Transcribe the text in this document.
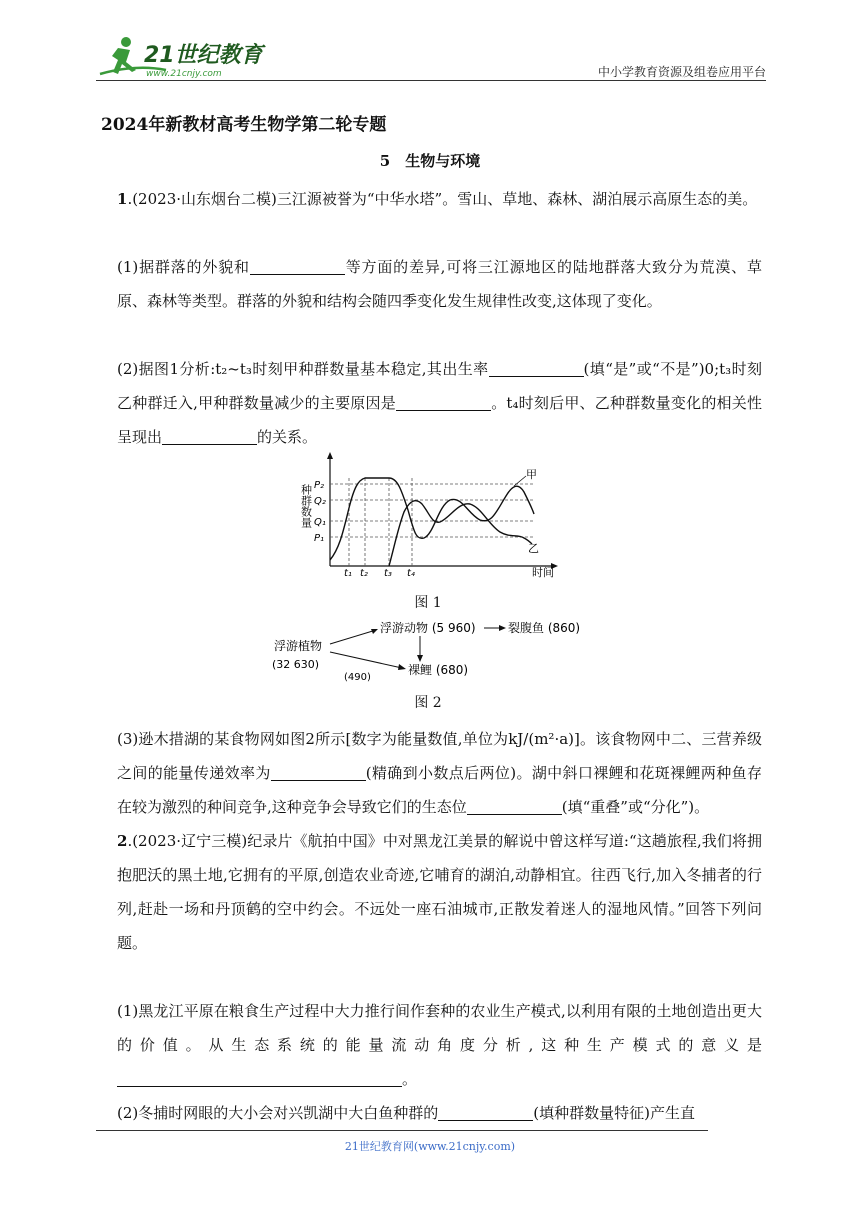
21世纪教育
www.21cnjy.com	中小学教育资源及组卷应用平台
2024年新教材高考生物学第二轮专题
5　生物与环境
1.(2023·山东烟台二模)三江源被誉为“中华水塔”。雪山、草地、森林、湖泊展示高原生态的美。
(1)据群落的外貌和	等方面的差异,可将三江源地区的陆地群落大致分为荒漠、草原、森林等类型。群落的外貌和结构会随四季变化发生规律性改变,这体现了变化。
(2)据图1分析:t₂~t₃时刻甲种群数量基本稳定,其出生率	(填“是”或“不是”)0;t₃时刻乙种群迁入,甲种群数量减少的主要原因是	。t₄时刻后甲、乙种群数量变化的相关性呈现出	的关系。
种群数量 P₂
Q₂
Q₁
P₁
t₁ t₂ t₃ t₄	时间
甲
乙
图 1
浮游植物
(32 630)
浮游动物 (5 960)	裂腹鱼 (860)
裸鲤 (680)
(490)
图 2
(3)逊木措湖的某食物网如图2所示[数字为能量数值,单位为kJ/(m²·a)]。该食物网中二、三营养级之间的能量传递效率为	(精确到小数点后两位)。湖中斜口裸鲤和花斑裸鲤两种鱼存在较为激烈的种间竞争,这种竞争会导致它们的生态位	(填“重叠”或“分化”)。
2.(2023·辽宁三模)纪录片《航拍中国》中对黑龙江美景的解说中曾这样写道:“这趟旅程,我们将拥抱肥沃的黑土地,它拥有的平原,创造农业奇迹,它哺育的湖泊,动静相宜。往西飞行,加入冬捕者的行列,赶赴一场和丹顶鹤的空中约会。不远处一座石油城市,正散发着迷人的湿地风情。”回答下列问题。
(1)黑龙江平原在粮食生产过程中大力推行间作套种的农业生产模式,以利用有限的土地创造出更大的价值。从生态系统的能量流动角度分析,这种生产模式的意义是。
(2)冬捕时网眼的大小会对兴凯湖中大白鱼种群的	(填种群数量特征)产生直
21世纪教育网(www.21cnjy.com)
